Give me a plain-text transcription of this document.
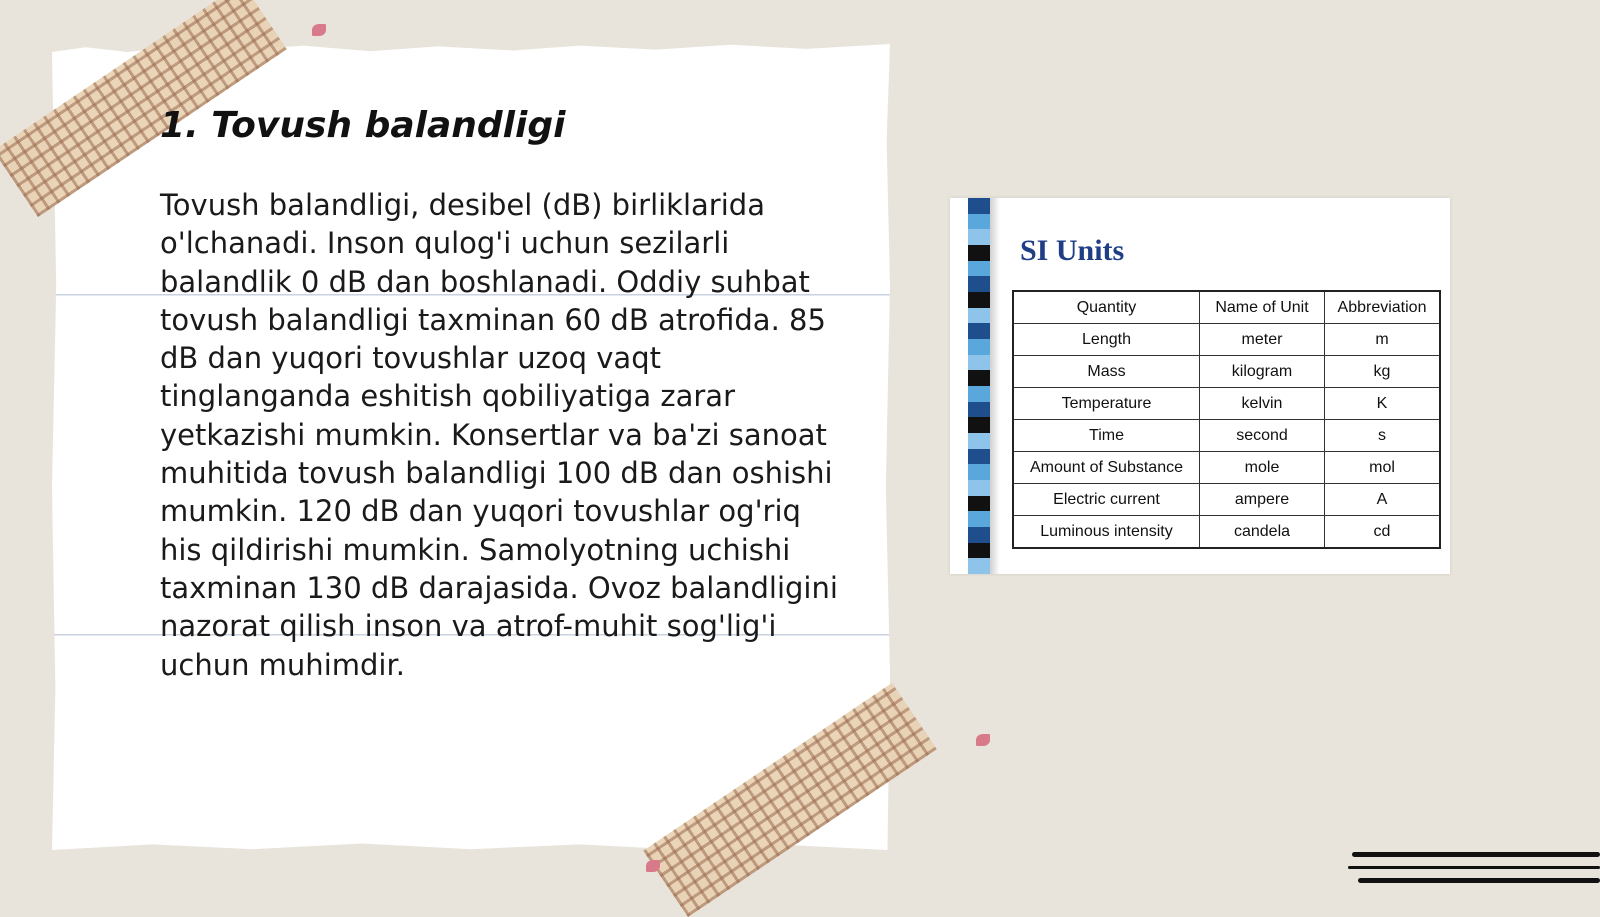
1. Tovush balandligi

Tovush balandligi, desibel (dB) birliklarida o'lchanadi. Inson qulog'i uchun sezilarli balandlik 0 dB dan boshlanadi. Oddiy suhbat tovush balandligi taxminan 60 dB atrofida. 85 dB dan yuqori tovushlar uzoq vaqt tinglanganda eshitish qobiliyatiga zarar yetkazishi mumkin. Konsertlar va ba'zi sanoat muhitida tovush balandligi 100 dB dan oshishi mumkin. 120 dB dan yuqori tovushlar og'riq his qildirishi mumkin. Samolyotning uchishi taxminan 130 dB darajasida. Ovoz balandligini nazorat qilish inson va atrof-muhit sog'lig'i uchun muhimdir.

SI Units
Quantity	Name of Unit	Abbreviation
Length	meter	m
Mass	kilogram	kg
Temperature	kelvin	K
Time	second	s
Amount of Substance	mole	mol
Electric current	ampere	A
Luminous intensity	candela	cd
